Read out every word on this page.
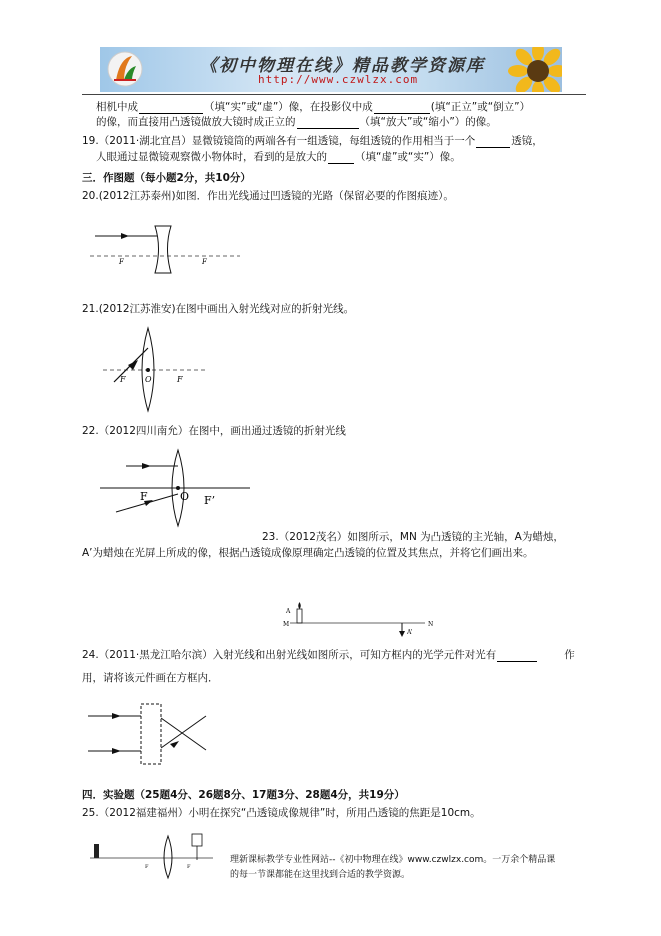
《初中物理在线》精品教学资源库
http://www.czwlzx.com
相机中成	（填“实”或“虚”）像，在投影仪中成	(填“正立”或“倒立”）
的像，而直接用凸透镜做放大镜时成正立的	（填“放大”或“缩小”）的像。
19.（2011·湖北宜昌）显微镜镜筒的两端各有一组透镜，每组透镜的作用相当于一个	透镜，
人眼通过显微镜观察微小物体时，看到的是放大的	（填“虚”或“实”）像。
三．作图题（每小题2分，共10分）
20.(2012江苏泰州)如图．作出光线通过凹透镜的光路（保留必要的作图痕迹）。
F	F
21.(2012江苏淮安)在图中画出入射光线对应的折射光线。
F O	F
22.（2012四川南允）在图中，画出通过透镜的折射光线
F	O F’
23.（2012茂名）如图所示，MN 为凸透镜的主光轴，A为蜡烛，
A’为蜡烛在光屏上所成的像，根据凸透镜成像原理确定凸透镜的位置及其焦点，并将它们画出来。
M
A
A’
N
24.（2011·黑龙江哈尔滨）入射光线和出射光线如图所示，可知方框内的光学元件对光有	作
用，请将该元件画在方框内．
四．实验题（25题4分、26题8分、17题3分、28题4分，共19分）
25.（2012福建福州）小明在探究“凸透镜成像规律”时，所用凸透镜的焦距是10cm。
F	F
理新课标教学专业性网站--《初中物理在线》www.czwlzx.com。一万余个精品课
的每一节课都能在这里找到合适的教学资源。
